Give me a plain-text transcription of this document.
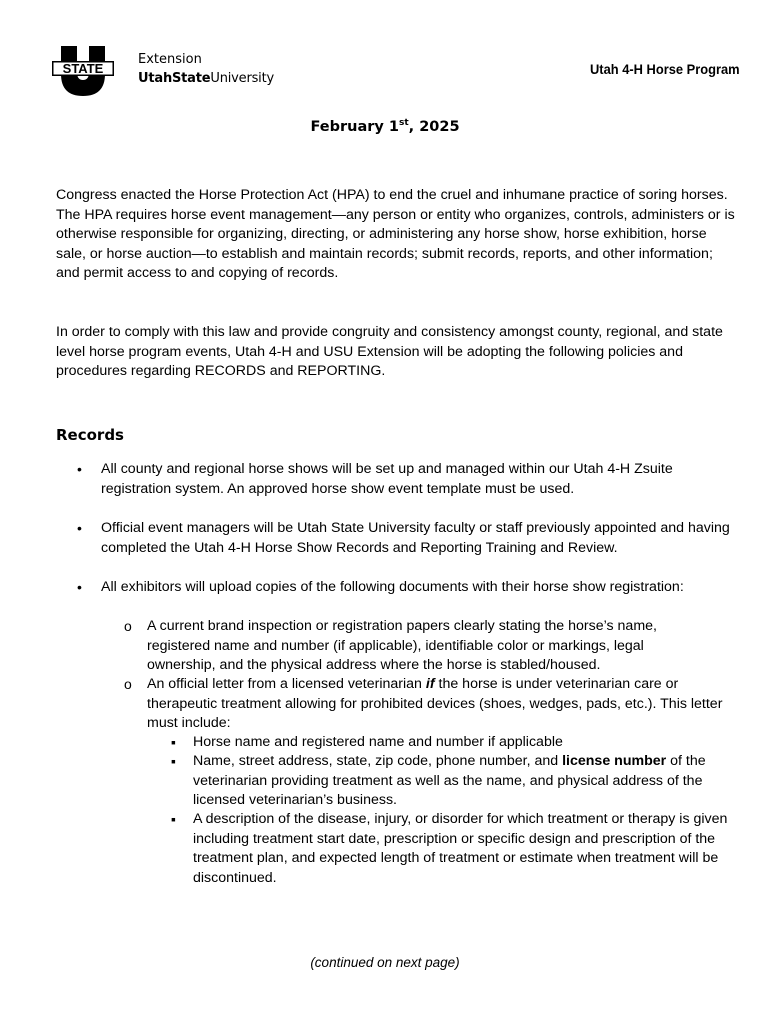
STATE
Extension
UtahStateUniversity
Utah 4-H Horse Program
February 1st, 2025
Congress enacted the Horse Protection Act (HPA) to end the cruel and inhumane practice of soring horses. The HPA requires horse event management—any person or entity who organizes, controls, administers or is otherwise responsible for organizing, directing, or administering any horse show, horse exhibition, horse sale, or horse auction—to establish and maintain records; submit records, reports, and other information; and permit access to and copying of records.
In order to comply with this law and provide congruity and consistency amongst county, regional, and state level horse program events, Utah 4-H and USU Extension will be adopting the following policies and procedures regarding RECORDS and REPORTING.
Records
• All county and regional horse shows will be set up and managed within our Utah 4-H Zsuite registration system. An approved horse show event template must be used.
• Official event managers will be Utah State University faculty or staff previously appointed and having completed the Utah 4-H Horse Show Records and Reporting Training and Review.
• All exhibitors will upload copies of the following documents with their horse show registration:
o A current brand inspection or registration papers clearly stating the horse’s name, registered name and number (if applicable), identifiable color or markings, legal ownership, and the physical address where the horse is stabled/housed.
o An official letter from a licensed veterinarian if the horse is under veterinarian care or therapeutic treatment allowing for prohibited devices (shoes, wedges, pads, etc.). This letter must include:
▪ Horse name and registered name and number if applicable
▪ Name, street address, state, zip code, phone number, and license number of the veterinarian providing treatment as well as the name, and physical address of the licensed veterinarian’s business.
▪ A description of the disease, injury, or disorder for which treatment or therapy is given including treatment start date, prescription or specific design and prescription of the treatment plan, and expected length of treatment or estimate when treatment will be discontinued.
(continued on next page)
